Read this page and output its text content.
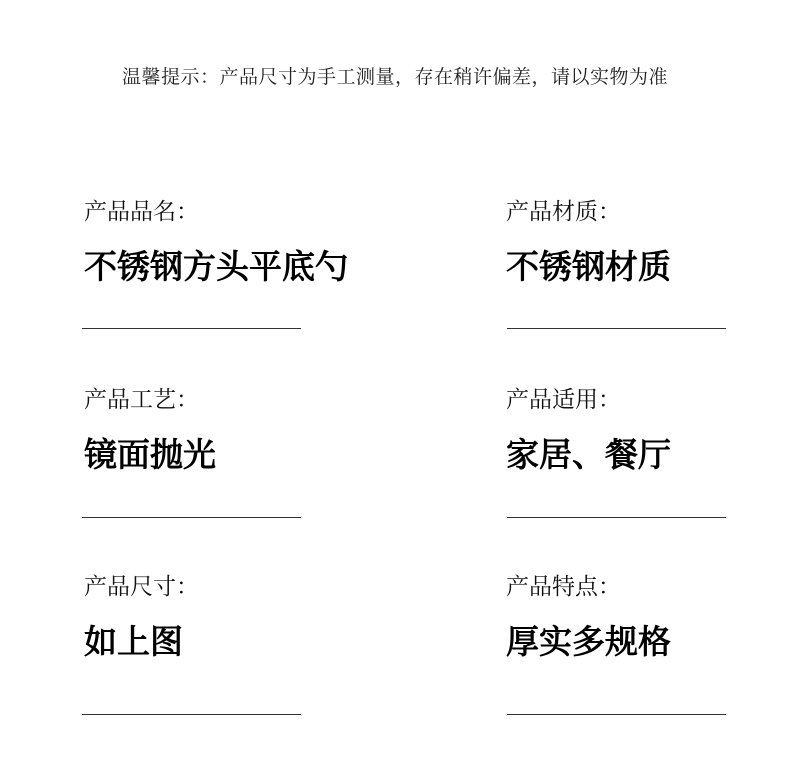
温馨提示：产品尺寸为手工测量，存在稍许偏差，请以实物为准
产品品名：
不锈钢方头平底勺
产品材质：
不锈钢材质
产品工艺：
镜面抛光
产品适用：
家居、餐厅
产品尺寸：
如上图
产品特点：
厚实多规格
